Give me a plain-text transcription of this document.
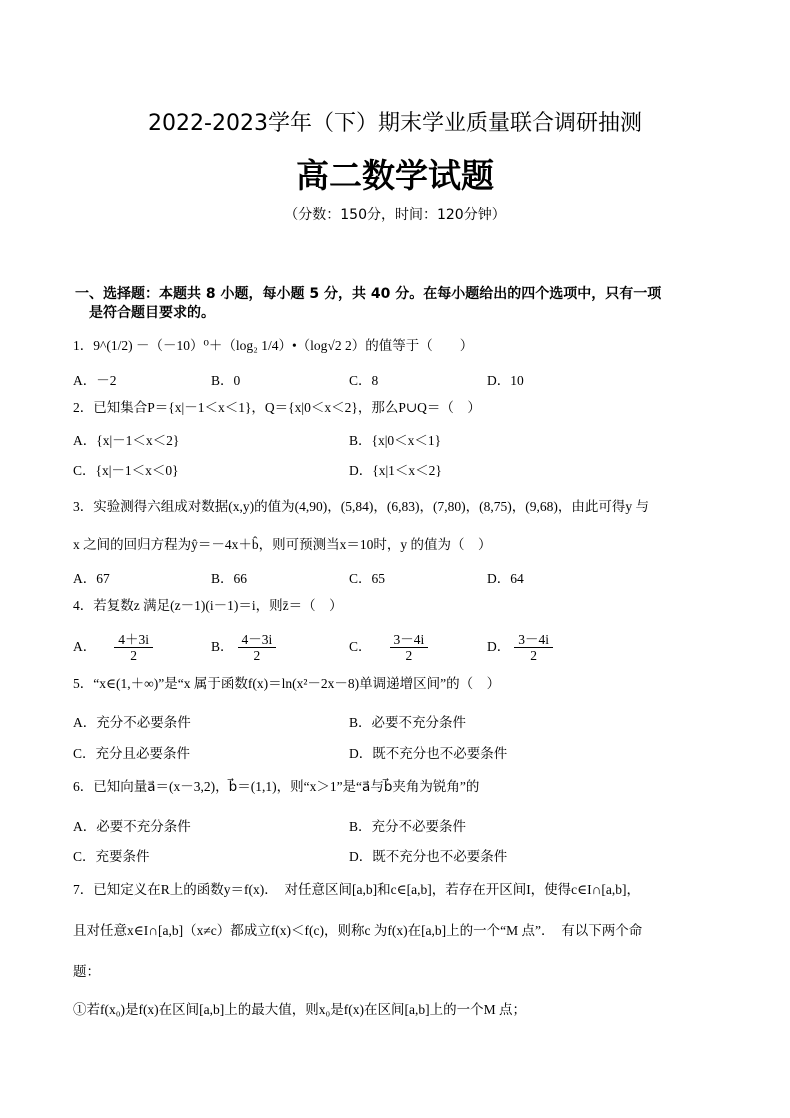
2022-2023学年（下）期末学业质量联合调研抽测
高二数学试题
（分数：150分，时间：120分钟）
一、选择题：本题共 8 小题，每小题 5 分，共 40 分。在每小题给出的四个选项中，只有一项
是符合题目要求的。
1．9^(1/2) －（－10）⁰＋（log₂ 1/4）•（log√2 2）的值等于（　　）
A．－2	B．0	C．8	D．10
2．已知集合P＝{x|－1＜x＜1}，Q＝{x|0＜x＜2}，那么P∪Q＝（　）
A．{x|－1＜x＜2}	B．{x|0＜x＜1}
C．{x|－1＜x＜0}	D．{x|1＜x＜2}
3．实验测得六组成对数据(x,y)的值为(4,90)，(5,84)，(6,83)，(7,80)，(8,75)，(9,68)，由此可得y 与
x 之间的回归方程为ŷ＝－4x＋b̂，则可预测当x＝10时，y 的值为（　）
A．67	B．66	C．65	D．64
4．若复数z 满足(z－1)(i－1)＝i，则z̄＝（　）
A． $\frac{4+3i}{2}$	B． $\frac{4-3i}{2}$	C． $\frac{3-4i}{2}$	D． $\frac{3-4i}{2}$
5．“x∈(1,＋∞)”是“x 属于函数f(x)＝ln(x²－2x－8)单调递增区间”的（　）
A．充分不必要条件	B．必要不充分条件
C．充分且必要条件	D．既不充分也不必要条件
6．已知向量a⃗＝(x－3,2)，b⃗＝(1,1)，则“x＞1”是“a⃗与b⃗夹角为锐角”的
A．必要不充分条件	B．充分不必要条件
C．充要条件	D．既不充分也不必要条件
7．已知定义在R上的函数y＝f(x)．　对任意区间[a,b]和c∈[a,b]，若存在开区间I，使得c∈I∩[a,b]，
且对任意x∈I∩[a,b]（x≠c）都成立f(x)＜f(c)，则称c 为f(x)在[a,b]上的一个“M 点”．　有以下两个命
题：
①若f(x₀)是f(x)在区间[a,b]上的最大值，则x₀是f(x)在区间[a,b]上的一个M 点；
